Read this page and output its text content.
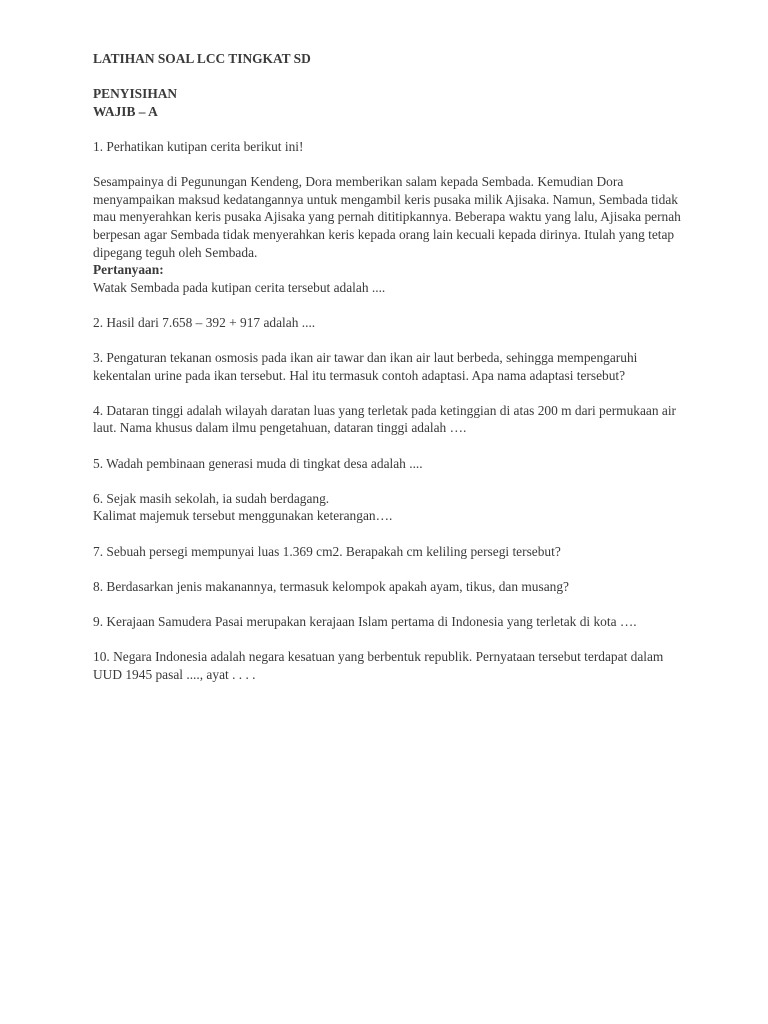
LATIHAN SOAL LCC TINGKAT SD

PENYISIHAN

WAJIB – A

1. Perhatikan kutipan cerita berikut ini!

Sesampainya di Pegunungan Kendeng, Dora memberikan salam kepada Sembada. Kemudian Dora menyampaikan maksud kedatangannya untuk mengambil keris pusaka milik Ajisaka. Namun, Sembada tidak mau menyerahkan keris pusaka Ajisaka yang pernah dititipkannya. Beberapa waktu yang lalu, Ajisaka pernah berpesan agar Sembada tidak menyerahkan keris kepada orang lain kecuali kepada dirinya. Itulah yang tetap dipegang teguh oleh Sembada.

Pertanyaan:

Watak Sembada pada kutipan cerita tersebut adalah ....

2. Hasil dari 7.658 – 392 + 917 adalah ....

3. Pengaturan tekanan osmosis pada ikan air tawar dan ikan air laut berbeda, sehingga mempengaruhi kekentalan urine pada ikan tersebut. Hal itu termasuk contoh adaptasi. Apa nama adaptasi tersebut?

4. Dataran tinggi adalah wilayah daratan luas yang terletak pada ketinggian di atas 200 m dari permukaan air laut. Nama khusus dalam ilmu pengetahuan, dataran tinggi adalah ….

5. Wadah pembinaan generasi muda di tingkat desa adalah ....

6. Sejak masih sekolah, ia sudah berdagang.

Kalimat majemuk tersebut menggunakan keterangan….

7. Sebuah persegi mempunyai luas 1.369 cm2. Berapakah cm keliling persegi tersebut?

8. Berdasarkan jenis makanannya, termasuk kelompok apakah ayam, tikus, dan musang?

9. Kerajaan Samudera Pasai merupakan kerajaan Islam pertama di Indonesia yang terletak di kota ….

10. Negara Indonesia adalah negara kesatuan yang berbentuk republik. Pernyataan tersebut terdapat dalam UUD 1945 pasal ...., ayat . . . .
